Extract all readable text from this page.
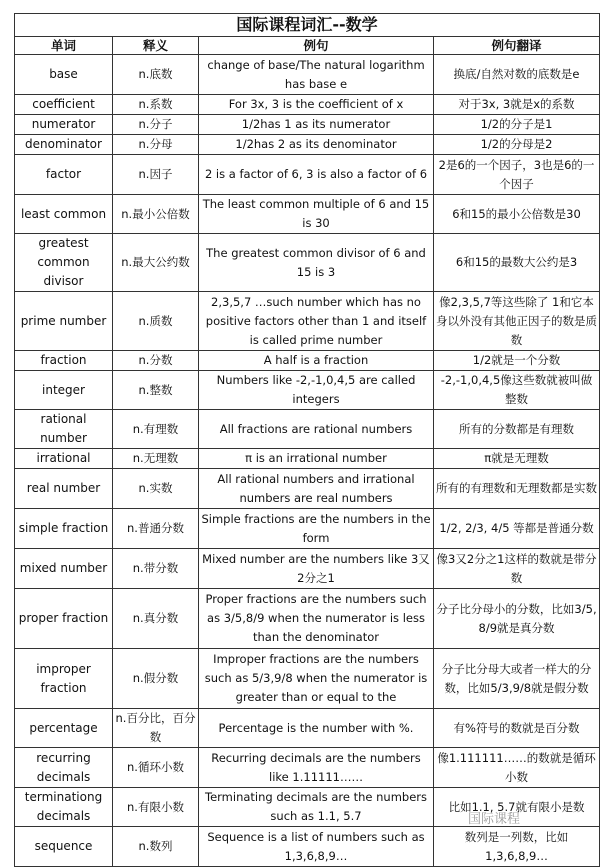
国际课程词汇--数学			
单词	释义	例句	例句翻译
base	n.底数	change of base/The natural logarithm has base e	换底/自然对数的底数是e
coefficient	n.系数	For 3x, 3 is the coefficient of x	对于3x, 3就是x的系数
numerator	n.分子	1/2has 1 as its numerator	1/2的分子是1
denominator	n.分母	1/2has 2 as its denominator	1/2的分母是2
factor	n.因子	2 is a factor of 6, 3 is also a factor of 6	2是6的一个因子，3也是6的一个因子
least common	n.最小公倍数	The least common multiple of 6 and 15 is 30	6和15的最小公倍数是30
greatest common divisor	n.最大公约数	The greatest common divisor of 6 and 15 is 3	6和15的最数大公约是3
prime number	n.质数	2,3,5,7 …such number which has no positive factors other than 1 and itself is called prime number	像2,3,5,7等这些除了 1和它本身以外没有其他正因子的数是质数
fraction	n.分数	A half is a fraction	1/2就是一个分数
integer	n.整数	Numbers like -2,-1,0,4,5 are called integers	-2,-1,0,4,5像这些数就被叫做整数
rational number	n.有理数	All fractions are rational numbers	所有的分数都是有理数
irrational	n.无理数	π is an irrational number	π就是无理数
real number	n.实数	All rational numbers and irrational numbers are real numbers	所有的有理数和无理数都是实数
simple fraction	n.普通分数	Simple fractions are the numbers in the form	1/2, 2/3, 4/5 等都是普通分数
mixed number	n.带分数	Mixed number are the numbers like 3又2分之1	像3又2分之1这样的数就是带分数
proper fraction	n.真分数	Proper fractions are the numbers such as 3/5,8/9 when the numerator is less than the denominator	分子比分母小的分数，比如3/5, 8/9就是真分数
improper fraction	n.假分数	Improper fractions are the numbers such as 5/3,9/8 when the numerator is greater than or equal to the	分子比分母大或者一样大的分数，比如5/3,9/8就是假分数
percentage	n.百分比，百分数	Percentage is the number with %.	有%符号的数就是百分数
recurring decimals	n.循环小数	Recurring decimals are the numbers like 1.11111……	像1.111111……的数就是循环小数
terminationg decimals	n.有限小数	Terminating decimals are the numbers such as 1.1, 5.7	比如1.1, 5.7就有限小是数
sequence	n.数列	Sequence is a list of numbers such as 1,3,6,8,9…	数列是一列数，比如1,3,6,8,9…
国际课程
